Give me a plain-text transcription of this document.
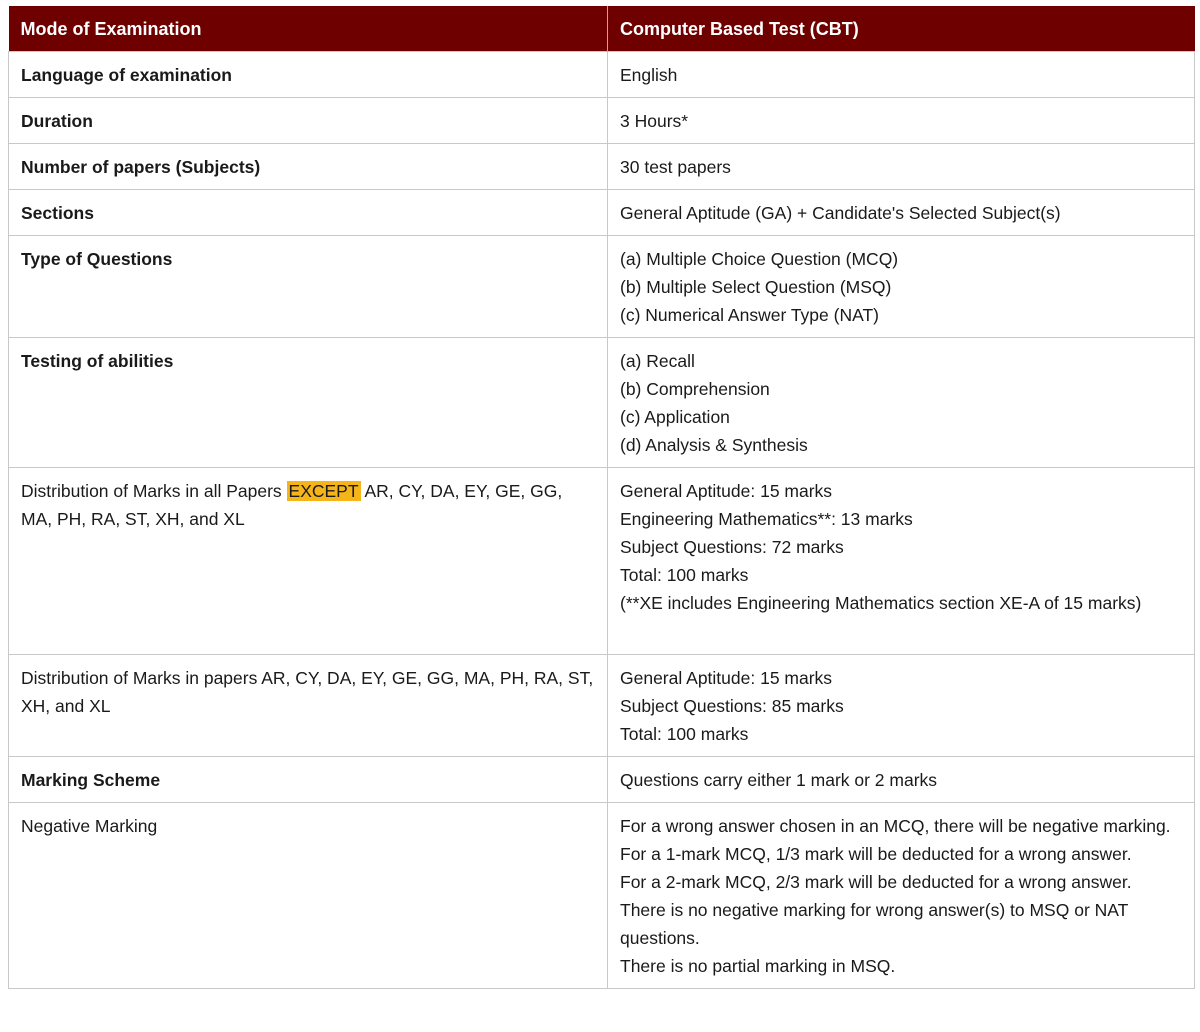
Mode of Examination	Computer Based Test (CBT)
Language of examination	English

Duration	3 Hours*

Number of papers (Subjects)	30 test papers

Sections	General Aptitude (GA) + Candidate's Selected Subject(s)

Type of Questions	(a) Multiple Choice Question (MCQ)
(b) Multiple Select Question (MSQ)
(c) Numerical Answer Type (NAT)

Testing of abilities	(a) Recall
(b) Comprehension
(c) Application
(d) Analysis & Synthesis

Distribution of Marks in all Papers EXCEPT AR, CY, DA, EY, GE, GG, MA, PH, RA, ST, XH, and XL	General Aptitude: 15 marks
Engineering Mathematics**: 13 marks
Subject Questions: 72 marks
Total: 100 marks
(**XE includes Engineering Mathematics section XE-A of 15 marks)

Distribution of Marks in papers AR, CY, DA, EY, GE, GG, MA, PH, RA, ST, XH, and XL	General Aptitude: 15 marks
Subject Questions: 85 marks
Total: 100 marks

Marking Scheme	Questions carry either 1 mark or 2 marks

Negative Marking	For a wrong answer chosen in an MCQ, there will be negative marking.
For a 1-mark MCQ, 1/3 mark will be deducted for a wrong answer.
For a 2-mark MCQ, 2/3 mark will be deducted for a wrong answer.
There is no negative marking for wrong answer(s) to MSQ or NAT questions.
There is no partial marking in MSQ.
